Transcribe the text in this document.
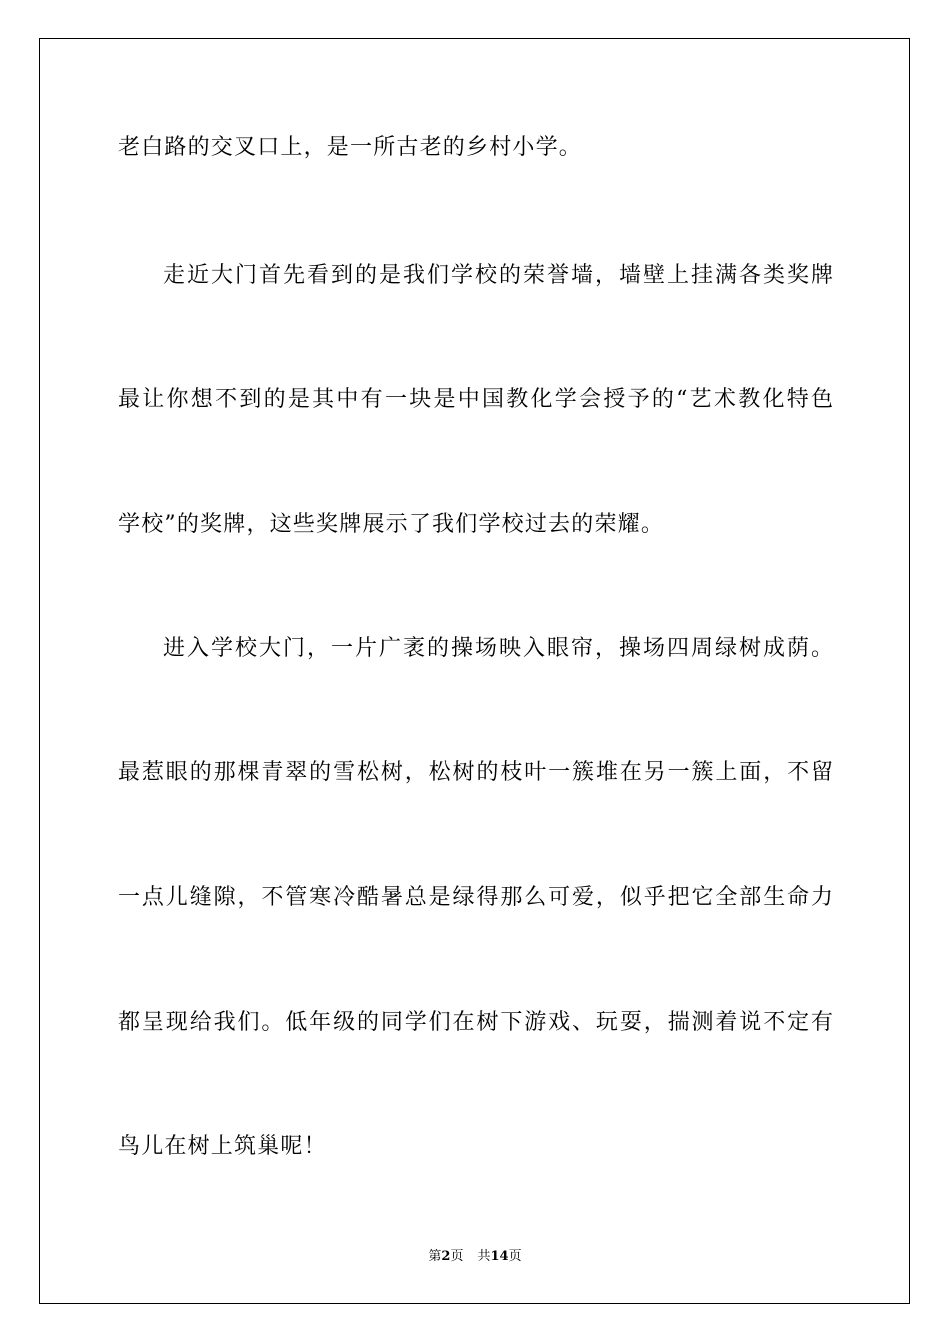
老白路的交叉口上，是一所古老的乡村小学。
走近大门首先看到的是我们学校的荣誉墙，墙壁上挂满各类奖牌
最让你想不到的是其中有一块是中国教化学会授予的“艺术教化特色
学校”的奖牌，这些奖牌展示了我们学校过去的荣耀。
进入学校大门，一片广袤的操场映入眼帘，操场四周绿树成荫。
最惹眼的那棵青翠的雪松树，松树的枝叶一簇堆在另一簇上面，不留
一点儿缝隙，不管寒冷酷暑总是绿得那么可爱，似乎把它全部生命力
都呈现给我们。低年级的同学们在树下游戏、玩耍，揣测着说不定有
鸟儿在树上筑巢呢！
第2页 共14页
